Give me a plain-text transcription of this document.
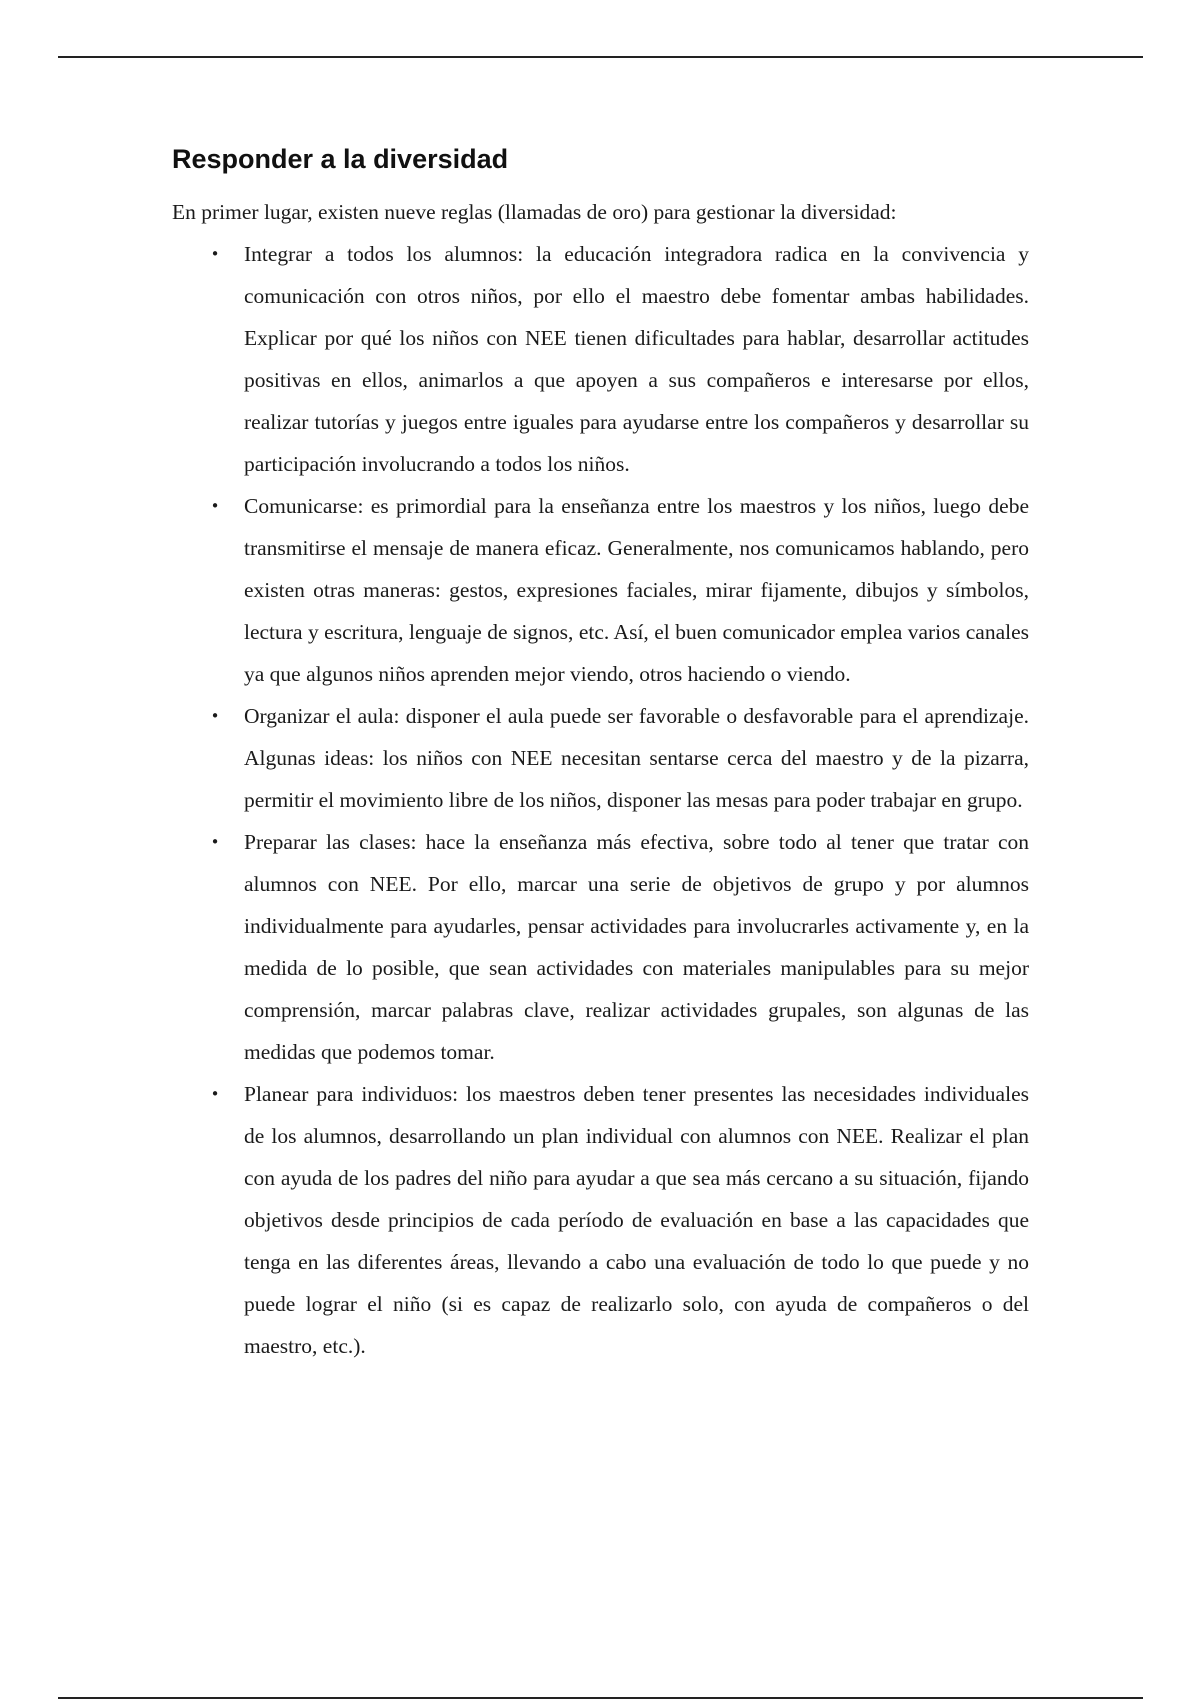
Responder a la diversidad

En primer lugar, existen nueve reglas (llamadas de oro) para gestionar la diversidad:

• Integrar a todos los alumnos: la educación integradora radica en la convivencia y comunicación con otros niños, por ello el maestro debe fomentar ambas habilidades. Explicar por qué los niños con NEE tienen dificultades para hablar, desarrollar actitudes positivas en ellos, animarlos a que apoyen a sus compañeros e interesarse por ellos, realizar tutorías y juegos entre iguales para ayudarse entre los compañeros y desarrollar su participación involucrando a todos los niños.
• Comunicarse: es primordial para la enseñanza entre los maestros y los niños, luego debe transmitirse el mensaje de manera eficaz. Generalmente, nos comunicamos hablando, pero existen otras maneras: gestos, expresiones faciales, mirar fijamente, dibujos y símbolos, lectura y escritura, lenguaje de signos, etc. Así, el buen comunicador emplea varios canales ya que algunos niños aprenden mejor viendo, otros haciendo o viendo.
• Organizar el aula: disponer el aula puede ser favorable o desfavorable para el aprendizaje. Algunas ideas: los niños con NEE necesitan sentarse cerca del maestro y de la pizarra, permitir el movimiento libre de los niños, disponer las mesas para poder trabajar en grupo.
• Preparar las clases: hace la enseñanza más efectiva, sobre todo al tener que tratar con alumnos con NEE. Por ello, marcar una serie de objetivos de grupo y por alumnos individualmente para ayudarles, pensar actividades para involucrarles activamente y, en la medida de lo posible, que sean actividades con materiales manipulables para su mejor comprensión, marcar palabras clave, realizar actividades grupales, son algunas de las medidas que podemos tomar.
• Planear para individuos: los maestros deben tener presentes las necesidades individuales de los alumnos, desarrollando un plan individual con alumnos con NEE. Realizar el plan con ayuda de los padres del niño para ayudar a que sea más cercano a su situación, fijando objetivos desde principios de cada período de evaluación en base a las capacidades que tenga en las diferentes áreas, llevando a cabo una evaluación de todo lo que puede y no puede lograr el niño (si es capaz de realizarlo solo, con ayuda de compañeros o del maestro, etc.).
